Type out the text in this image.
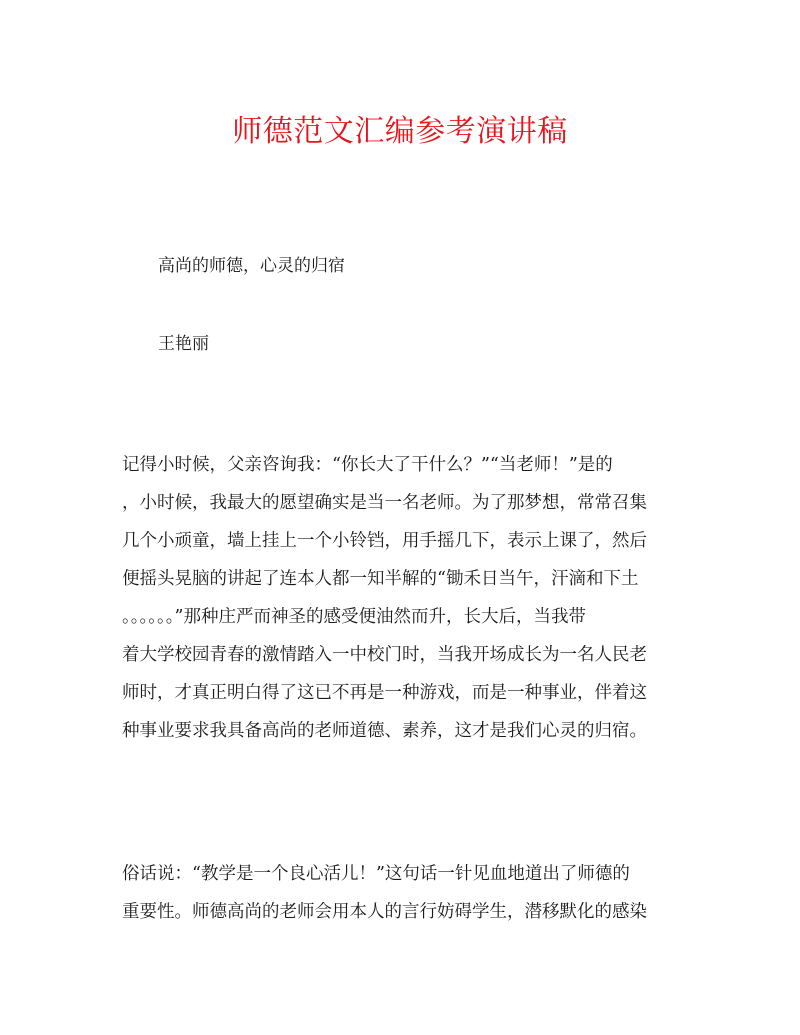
师德范文汇编参考演讲稿

高尚的师德，心灵的归宿

王艳丽

记得小时候，父亲咨询我：“你长大了干什么？”“当老师！”是的
，小时候，我最大的愿望确实是当一名老师。为了那梦想，常常召集
几个小顽童，墙上挂上一个小铃铛，用手摇几下，表示上课了，然后
便摇头晃脑的讲起了连本人都一知半解的“锄禾日当午，汗滴和下土
。。。。。。”那种庄严而神圣的感受便油然而升，长大后，当我带
着大学校园青春的激情踏入一中校门时，当我开场成长为一名人民老
师时，才真正明白得了这已不再是一种游戏，而是一种事业，伴着这
种事业要求我具备高尚的老师道德、素养，这才是我们心灵的归宿。
俗话说：“教学是一个良心活儿！”这句话一针见血地道出了师德的
重要性。师德高尚的老师会用本人的言行妨碍学生，潜移默化的感染
